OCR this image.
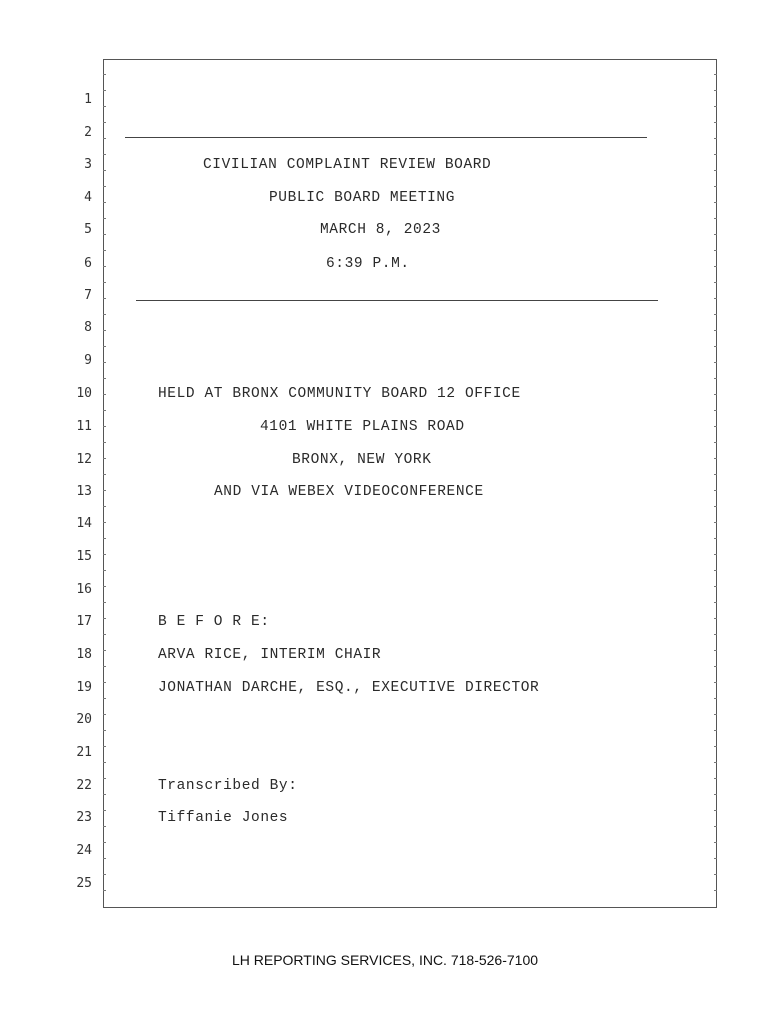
1
2
3
4
5
6
7
8
9
10
11
12
13
14
15
16
17
18
19
20
21
22
23
24
25
CIVILIAN COMPLAINT REVIEW BOARD
PUBLIC BOARD MEETING
MARCH 8, 2023
6:39 P.M.
HELD AT BRONX COMMUNITY BOARD 12 OFFICE
4101 WHITE PLAINS ROAD
BRONX, NEW YORK
AND VIA WEBEX VIDEOCONFERENCE
B E F O R E:
ARVA RICE, INTERIM CHAIR
JONATHAN DARCHE, ESQ., EXECUTIVE DIRECTOR
Transcribed By:
Tiffanie Jones
LH REPORTING SERVICES, INC. 718-526-7100
